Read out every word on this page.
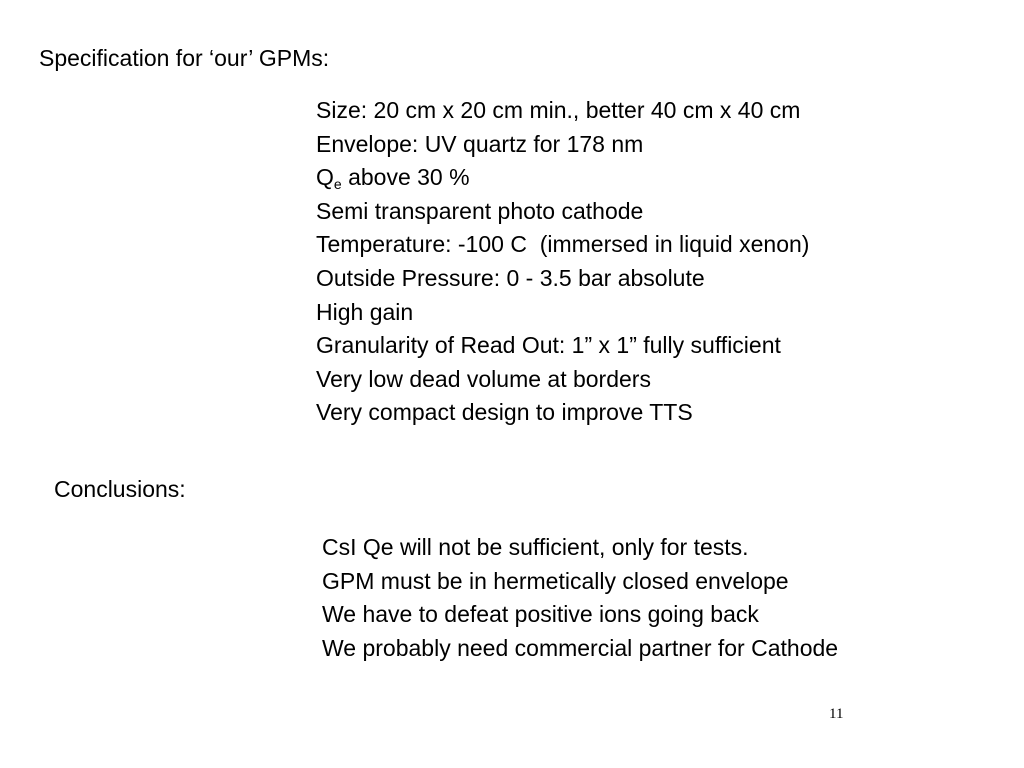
Specification for ‘our’ GPMs:
Size: 20 cm x 20 cm min., better 40 cm x 40 cm
Envelope: UV quartz for 178 nm
$Q_e$ above 30 %
Semi transparent photo cathode
Temperature: -100 C  (immersed in liquid xenon)
Outside Pressure: 0 - 3.5 bar absolute
High gain
Granularity of Read Out: 1” x 1” fully sufficient
Very low dead volume at borders
Very compact design to improve TTS
Conclusions:
CsI Qe will not be sufficient, only for tests.
GPM must be in hermetically closed envelope
We have to defeat positive ions going back
We probably need commercial partner for Cathode
11
